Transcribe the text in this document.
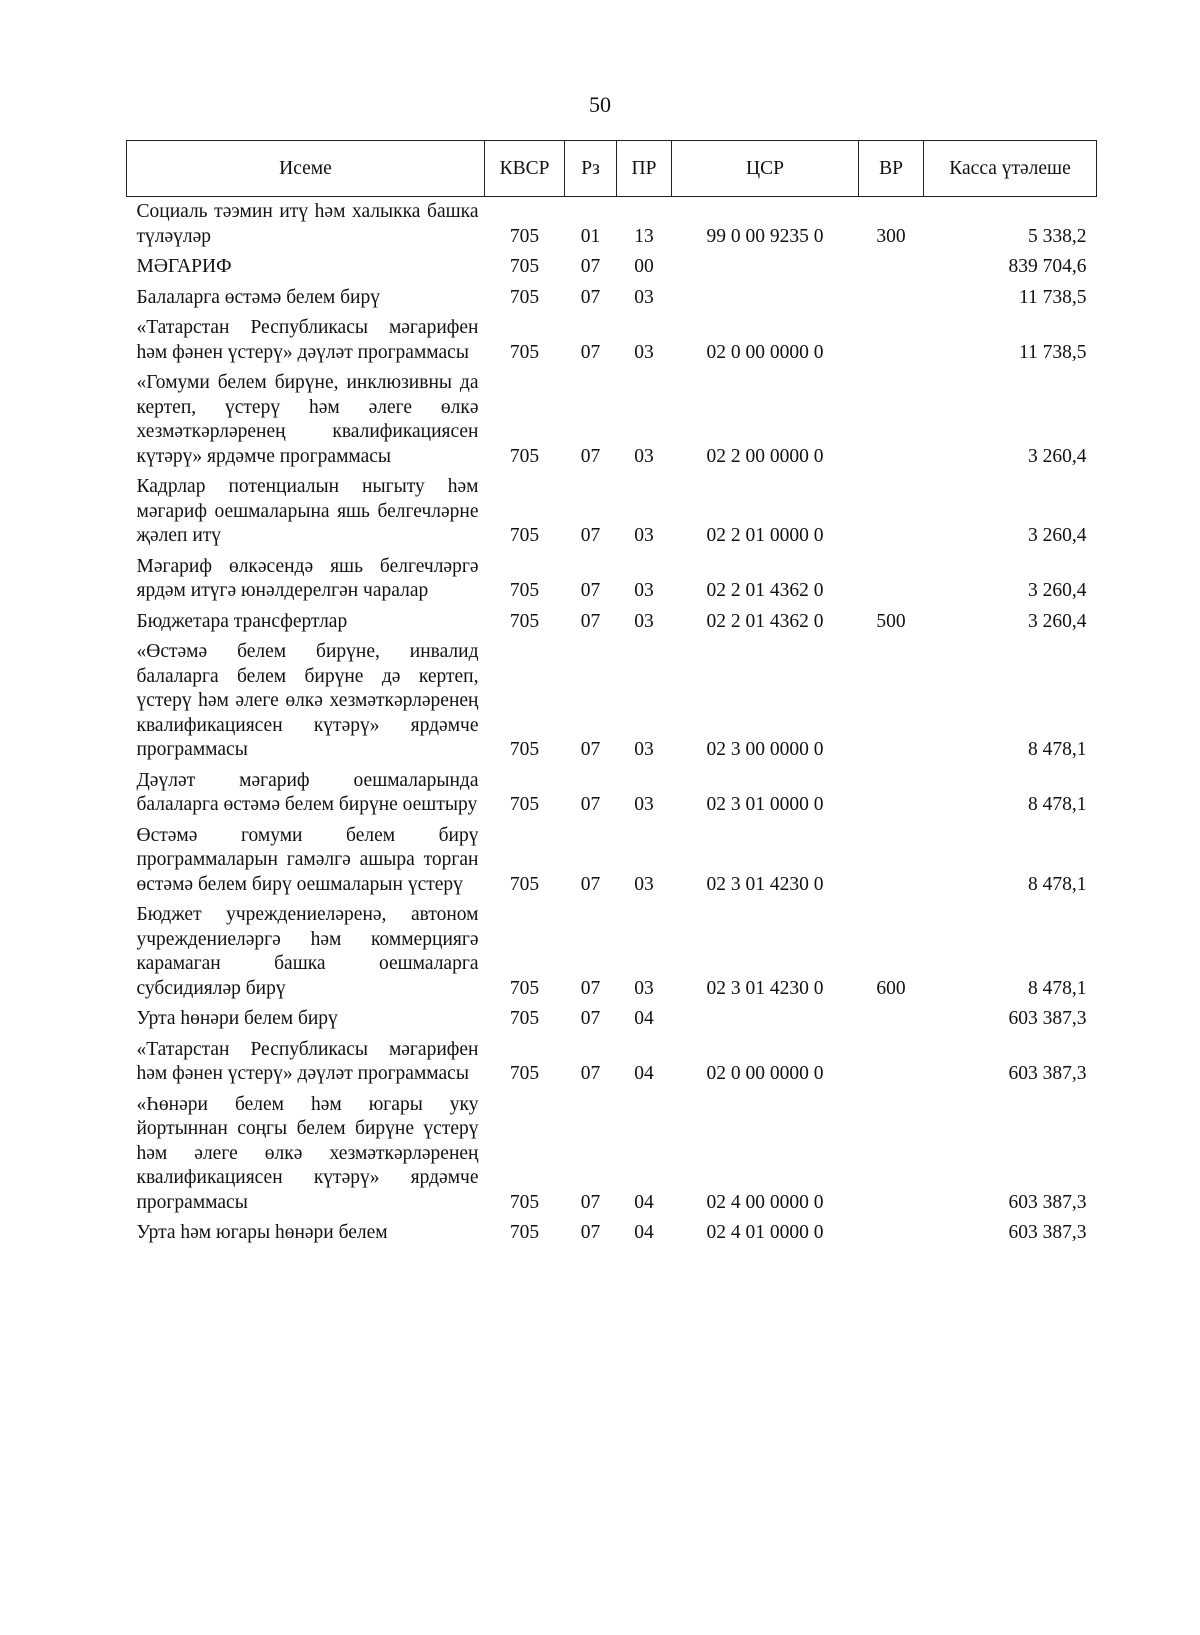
50
Исеме	КВСР	Рз	ПР	ЦСР	ВР	Касса үтәлеше
Социаль тәэмин итү һәм халыкка башка түләүләр	705	01	13	99 0 00 9235 0	300	5 338,2
МӘГАРИФ	705	07	00			839 704,6
Балаларга өстәмә белем бирү	705	07	03			11 738,5
«Татарстан Республикасы мәгарифен һәм фәнен үстерү» дәүләт программасы	705	07	03	02 0 00 0000 0		11 738,5
«Гомуми белем бирүне, инклюзивны да кертеп, үстерү һәм әлеге өлкә хезмәткәрләренең квалификациясен күтәрү» ярдәмче программасы	705	07	03	02 2 00 0000 0		3 260,4
Кадрлар потенциалын ныгыту һәм мәгариф оешмаларына яшь белгечләрне җәлеп итү	705	07	03	02 2 01 0000 0		3 260,4
Мәгариф өлкәсендә яшь белгечләргә ярдәм итүгә юнәлдерелгән чаралар	705	07	03	02 2 01 4362 0		3 260,4
Бюджетара трансфертлар	705	07	03	02 2 01 4362 0	500	3 260,4
«Өстәмә белем бирүне, инвалид балаларга белем бирүне дә кертеп, үстерү һәм әлеге өлкә хезмәткәрләренең квалификациясен күтәрү» ярдәмче программасы	705	07	03	02 3 00 0000 0		8 478,1
Дәүләт мәгариф оешмаларында балаларга өстәмә белем бирүне оештыру	705	07	03	02 3 01 0000 0		8 478,1
Өстәмә гомуми белем бирү программаларын гамәлгә ашыра торган өстәмә белем бирү оешмаларын үстерү	705	07	03	02 3 01 4230 0		8 478,1
Бюджет учреждениеләренә, автоном учреждениеләргә һәм коммерциягә карамаган башка оешмаларга субсидияләр бирү	705	07	03	02 3 01 4230 0	600	8 478,1
Урта һөнәри белем бирү	705	07	04			603 387,3
«Татарстан Республикасы мәгарифен һәм фәнен үстерү» дәүләт программасы	705	07	04	02 0 00 0000 0		603 387,3
«Һөнәри белем һәм югары уку йортыннан соңгы белем бирүне үстерү һәм әлеге өлкә хезмәткәрләренең квалификациясен күтәрү» ярдәмче программасы	705	07	04	02 4 00 0000 0		603 387,3
Урта һәм югары һөнәри белем	705	07	04	02 4 01 0000 0		603 387,3
